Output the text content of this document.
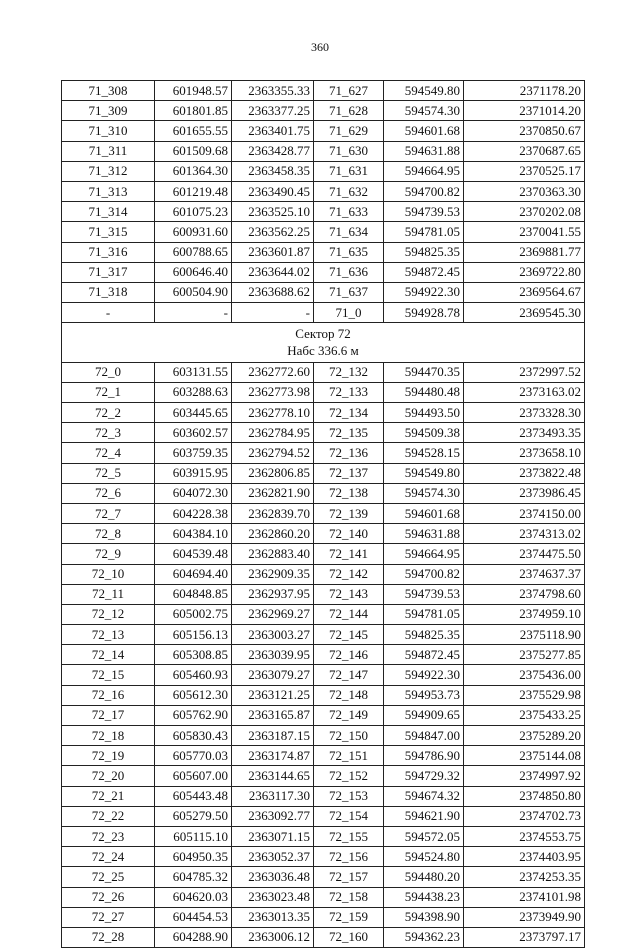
360
71_308	601948.57	2363355.33	71_627	594549.80	2371178.20
71_309	601801.85	2363377.25	71_628	594574.30	2371014.20
71_310	601655.55	2363401.75	71_629	594601.68	2370850.67
71_311	601509.68	2363428.77	71_630	594631.88	2370687.65
71_312	601364.30	2363458.35	71_631	594664.95	2370525.17
71_313	601219.48	2363490.45	71_632	594700.82	2370363.30
71_314	601075.23	2363525.10	71_633	594739.53	2370202.08
71_315	600931.60	2363562.25	71_634	594781.05	2370041.55
71_316	600788.65	2363601.87	71_635	594825.35	2369881.77
71_317	600646.40	2363644.02	71_636	594872.45	2369722.80
71_318	600504.90	2363688.62	71_637	594922.30	2369564.67
-	-	-	71_0	594928.78	2369545.30

Сектор 72
Набс 336.6 м					

72_0	603131.55	2362772.60	72_132	594470.35	2372997.52
72_1	603288.63	2362773.98	72_133	594480.48	2373163.02
72_2	603445.65	2362778.10	72_134	594493.50	2373328.30
72_3	603602.57	2362784.95	72_135	594509.38	2373493.35
72_4	603759.35	2362794.52	72_136	594528.15	2373658.10
72_5	603915.95	2362806.85	72_137	594549.80	2373822.48
72_6	604072.30	2362821.90	72_138	594574.30	2373986.45
72_7	604228.38	2362839.70	72_139	594601.68	2374150.00
72_8	604384.10	2362860.20	72_140	594631.88	2374313.02
72_9	604539.48	2362883.40	72_141	594664.95	2374475.50
72_10	604694.40	2362909.35	72_142	594700.82	2374637.37
72_11	604848.85	2362937.95	72_143	594739.53	2374798.60
72_12	605002.75	2362969.27	72_144	594781.05	2374959.10
72_13	605156.13	2363003.27	72_145	594825.35	2375118.90
72_14	605308.85	2363039.95	72_146	594872.45	2375277.85
72_15	605460.93	2363079.27	72_147	594922.30	2375436.00
72_16	605612.30	2363121.25	72_148	594953.73	2375529.98
72_17	605762.90	2363165.87	72_149	594909.65	2375433.25
72_18	605830.43	2363187.15	72_150	594847.00	2375289.20
72_19	605770.03	2363174.87	72_151	594786.90	2375144.08
72_20	605607.00	2363144.65	72_152	594729.32	2374997.92
72_21	605443.48	2363117.30	72_153	594674.32	2374850.80
72_22	605279.50	2363092.77	72_154	594621.90	2374702.73
72_23	605115.10	2363071.15	72_155	594572.05	2374553.75
72_24	604950.35	2363052.37	72_156	594524.80	2374403.95
72_25	604785.32	2363036.48	72_157	594480.20	2374253.35
72_26	604620.03	2363023.48	72_158	594438.23	2374101.98
72_27	604454.53	2363013.35	72_159	594398.90	2373949.90
72_28	604288.90	2363006.12	72_160	594362.23	2373797.17
